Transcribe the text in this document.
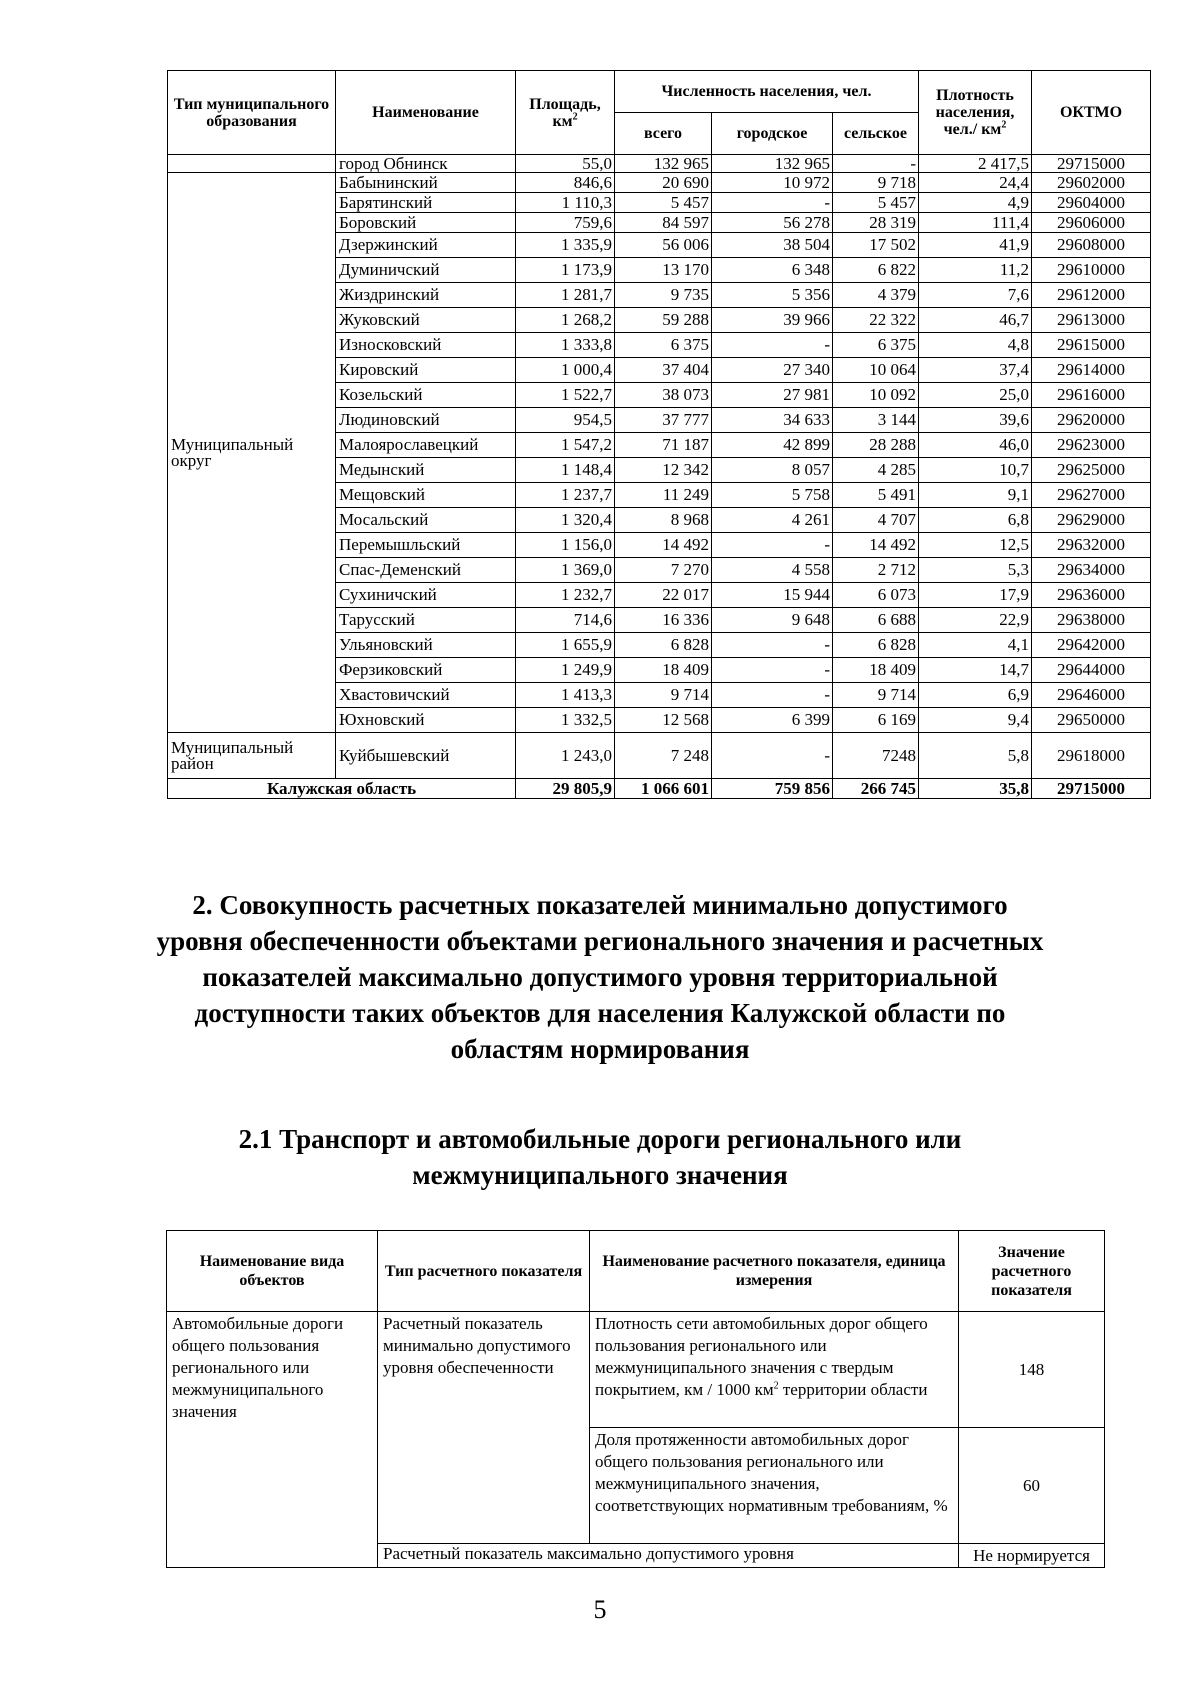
Тип муниципального образования	Наименование	Площадь, $км^2$	Численность населения, чел.			Плотность населения, чел./ $км^2$	ОКТМО
			всего	городское	сельское		
	город Обнинск	55,0	132 965	132 965	-	2 417,5	29715000
Муниципальный округ	Бабынинский	846,6	20 690	10 972	9 718	24,4	29602000
	Барятинский	1 110,3	5 457	-	5 457	4,9	29604000
	Боровский	759,6	84 597	56 278	28 319	111,4	29606000
	Дзержинский	1 335,9	56 006	38 504	17 502	41,9	29608000
	Думиничский	1 173,9	13 170	6 348	6 822	11,2	29610000
	Жиздринский	1 281,7	9 735	5 356	4 379	7,6	29612000
	Жуковский	1 268,2	59 288	39 966	22 322	46,7	29613000
	Износковский	1 333,8	6 375	-	6 375	4,8	29615000
	Кировский	1 000,4	37 404	27 340	10 064	37,4	29614000
	Козельский	1 522,7	38 073	27 981	10 092	25,0	29616000
	Людиновский	954,5	37 777	34 633	3 144	39,6	29620000
	Малоярославецкий	1 547,2	71 187	42 899	28 288	46,0	29623000
	Медынский	1 148,4	12 342	8 057	4 285	10,7	29625000
	Мещовский	1 237,7	11 249	5 758	5 491	9,1	29627000
	Мосальский	1 320,4	8 968	4 261	4 707	6,8	29629000
	Перемышльский	1 156,0	14 492	-	14 492	12,5	29632000
	Спас-Деменский	1 369,0	7 270	4 558	2 712	5,3	29634000
	Сухиничский	1 232,7	22 017	15 944	6 073	17,9	29636000
	Тарусский	714,6	16 336	9 648	6 688	22,9	29638000
	Ульяновский	1 655,9	6 828	-	6 828	4,1	29642000
	Ферзиковский	1 249,9	18 409	-	18 409	14,7	29644000
	Хвастовичский	1 413,3	9 714	-	9 714	6,9	29646000
	Юхновский	1 332,5	12 568	6 399	6 169	9,4	29650000
Муниципальный район	Куйбышевский	1 243,0	7 248	-	7248	5,8	29618000
Калужская область		29 805,9	1 066 601	759 856	266 745	35,8	29715000
2. Совокупность расчетных показателей минимально допустимого уровня обеспеченности объектами регионального значения и расчетных показателей максимально допустимого уровня территориальной доступности таких объектов для населения Калужской области по областям нормирования
2.1 Транспорт и автомобильные дороги регионального или межмуниципального значения
Наименование вида объектов	Тип расчетного показателя	Наименование расчетного показателя, единица измерения	Значение расчетного показателя
Автомобильные дороги общего пользования регионального или межмуниципального значения	Расчетный показатель минимально допустимого уровня обеспеченности	Плотность сети автомобильных дорог общего пользования регионального или межмуниципального значения с твердым покрытием, км / 1000 $км^2$ территории области	148
		Доля протяженности автомобильных дорог общего пользования регионального или межмуниципального значения, соответствующих нормативным требованиям, %	60
	Расчетный показатель максимально допустимого уровня		Не нормируется
5
